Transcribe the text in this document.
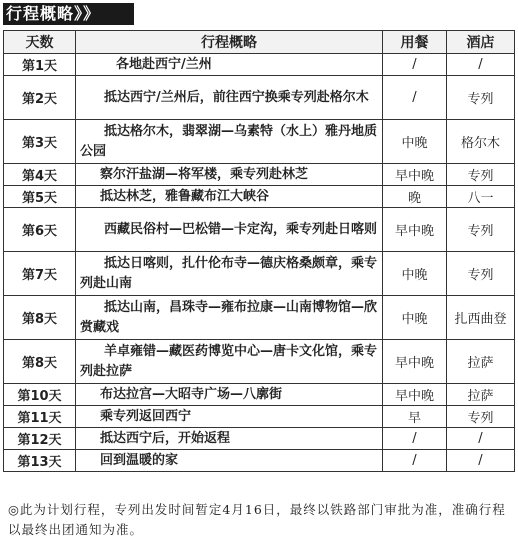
行程概略》》
天数	行程概略	用餐	酒店
第1天	各地赴西宁/兰州	/	/
第2天	抵达西宁/兰州后，前往西宁换乘专列赴格尔木	/	专列
第3天	抵达格尔木，翡翠湖—乌素特（水上）雅丹地质公园	中晚	格尔木
第4天	察尔汗盐湖—将军楼，乘专列赴林芝	早中晚	专列
第5天	抵达林芝，雅鲁藏布江大峡谷	晚	八一
第6天	西藏民俗村—巴松错—卡定沟，乘专列赴日喀则	早中晚	专列
第7天	抵达日喀则，扎什伦布寺—德庆格桑颇章，乘专列赴山南	中晚	专列
第8天	抵达山南，昌珠寺—雍布拉康—山南博物馆—欣赏藏戏	中晚	扎西曲登
第8天	羊卓雍错—藏医药博览中心—唐卡文化馆，乘专列赴拉萨	早中晚	拉萨
第10天	布达拉宫—大昭寺广场—八廓街	早中晚	拉萨
第11天	乘专列返回西宁	早	专列
第12天	抵达西宁后，开始返程	/	/
第13天	回到温暖的家	/	/
◎此为计划行程，专列出发时间暂定4月16日，最终以铁路部门审批为准，准确行程以最终出团通知为准。
